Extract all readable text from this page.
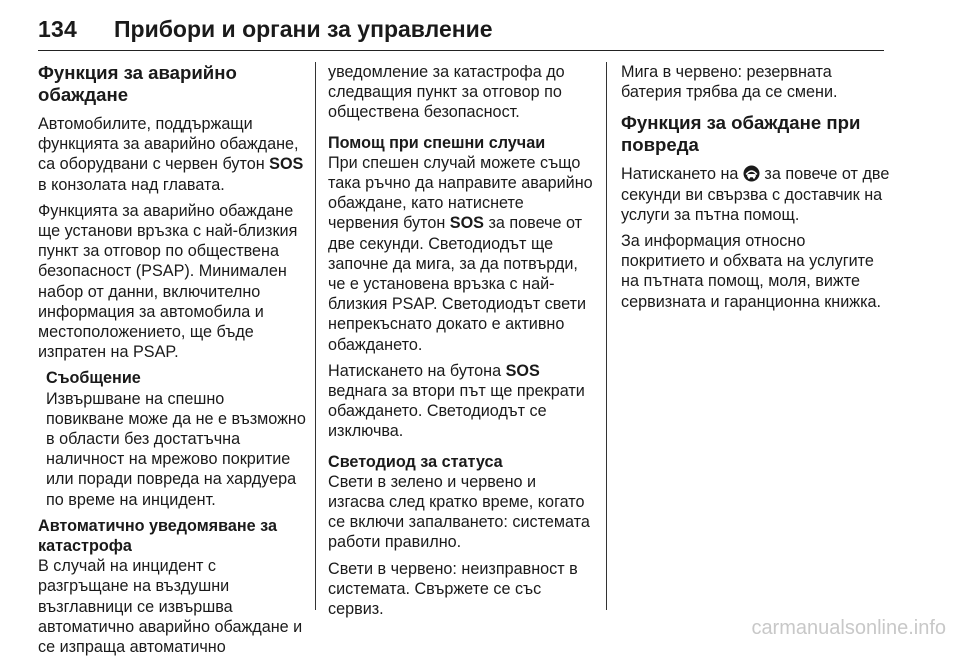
134 Прибори и органи за управление
Функция за аварийно обаждане

Автомобилите, поддържащи функцията за аварийно обаждане, са оборудвани с червен бутон SOS в конзолата над главата.

Функцията за аварийно обаждане ще установи връзка с най-близкия пункт за отговор по обществена безопасност (PSAP). Минимален набор от данни, включително информация за автомобила и местоположението, ще бъде изпратен на PSAP.

Съобщение
Извършване на спешно повикване може да не е възможно в области без достатъчна наличност на мрежово покритие или поради повреда на хардуера по време на инцидент.
Автоматично уведомяване за катастрофа

В случай на инцидент с разгръщане на въздушни възглавници се извършва автоматично аварийно обаждане и се изпраща автоматично

уведомление за катастрофа до следващия пункт за отговор по обществена безопасност.

Помощ при спешни случаи

При спешен случай можете също така ръчно да направите аварийно обаждане, като натиснете червения бутон SOS за повече от две секунди. Светодиодът ще започне да мига, за да потвърди, че е установена връзка с най-близкия PSAP. Светодиодът свети непрекъснато докато е активно обаждането.

Натискането на бутона SOS веднага за втори път ще прекрати обаждането. Светодиодът се изключва.

Светодиод за статуса

Свети в зелено и червено и изгасва след кратко време, когато се включи запалването: системата работи правилно.

Свети в червено: неизправност в системата. Свържете се със сервиз.

Мига в червено: резервната батерия трябва да се смени.

Функция за обаждане при повреда

Натискането на  за повече от две секунди ви свързва с доставчик на услуги за пътна помощ.

За информация относно покритието и обхвата на услугите на пътната помощ, моля, вижте сервизната и гаранционна книжка.

carmanualsonline.info
